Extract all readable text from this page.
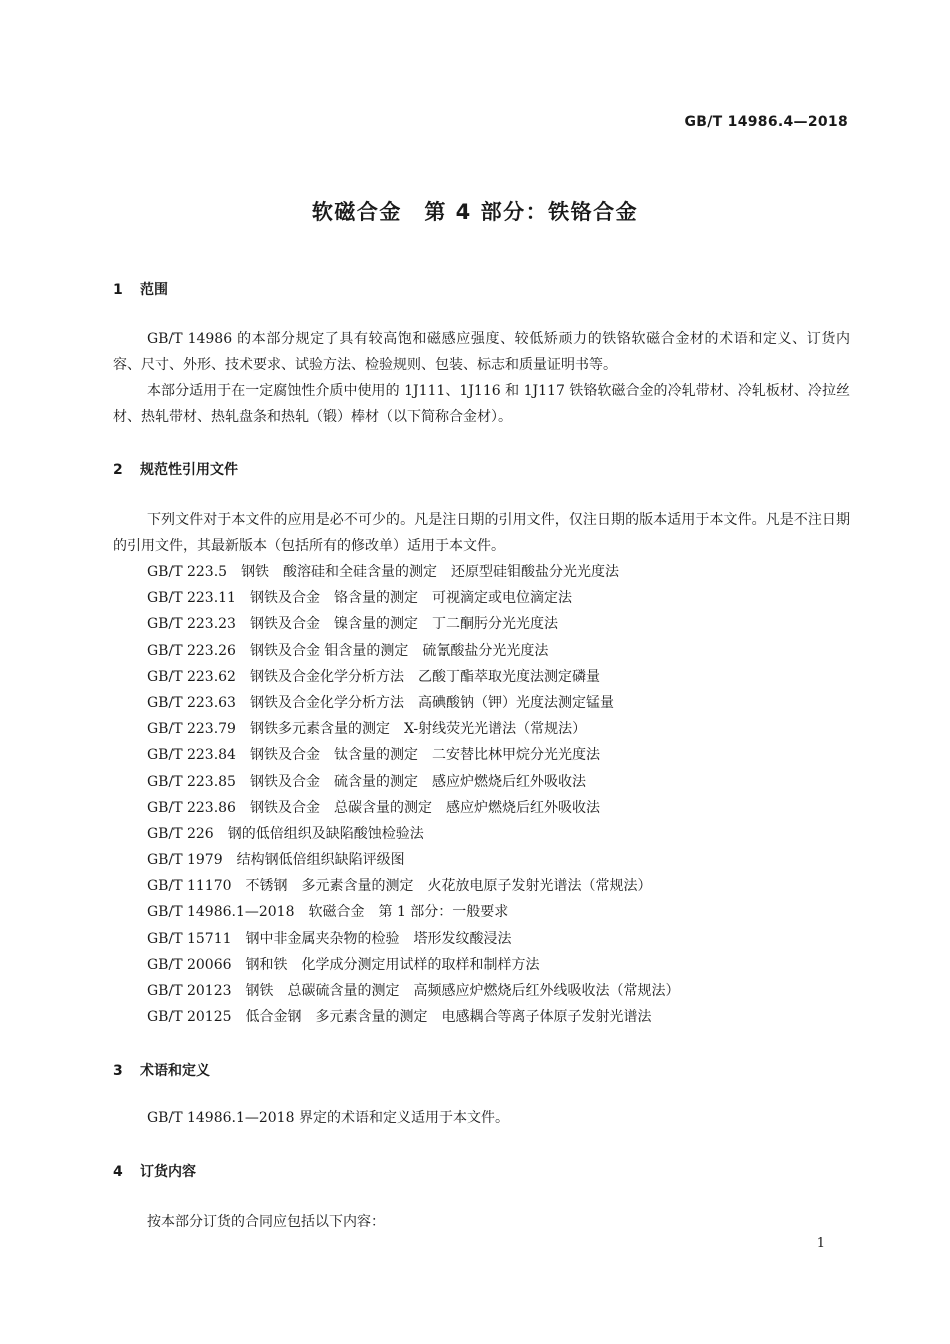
GB/T 14986.4—2018
软磁合金　第 4 部分：铁铬合金
1 范围
GB/T 14986 的本部分规定了具有较高饱和磁感应强度、较低矫顽力的铁铬软磁合金材的术语和定义、订货内容、尺寸、外形、技术要求、试验方法、检验规则、包装、标志和质量证明书等。
本部分适用于在一定腐蚀性介质中使用的 1J111、1J116 和 1J117 铁铬软磁合金的冷轧带材、冷轧板材、冷拉丝材、热轧带材、热轧盘条和热轧（锻）棒材（以下简称合金材）。
2 规范性引用文件
下列文件对于本文件的应用是必不可少的。凡是注日期的引用文件，仅注日期的版本适用于本文件。凡是不注日期的引用文件，其最新版本（包括所有的修改单）适用于本文件。
GB/T 223.5 钢铁　酸溶硅和全硅含量的测定　还原型硅钼酸盐分光光度法
GB/T 223.11 钢铁及合金　铬含量的测定　可视滴定或电位滴定法
GB/T 223.23 钢铁及合金　镍含量的测定　丁二酮肟分光光度法
GB/T 223.26 钢铁及合金 钼含量的测定　硫氰酸盐分光光度法
GB/T 223.62 钢铁及合金化学分析方法　乙酸丁酯萃取光度法测定磷量
GB/T 223.63 钢铁及合金化学分析方法　高碘酸钠（钾）光度法测定锰量
GB/T 223.79 钢铁多元素含量的测定　X-射线荧光光谱法（常规法）
GB/T 223.84 钢铁及合金　钛含量的测定　二安替比林甲烷分光光度法
GB/T 223.85 钢铁及合金　硫含量的测定　感应炉燃烧后红外吸收法
GB/T 223.86 钢铁及合金　总碳含量的测定　感应炉燃烧后红外吸收法
GB/T 226 钢的低倍组织及缺陷酸蚀检验法
GB/T 1979 结构钢低倍组织缺陷评级图
GB/T 11170 不锈钢　多元素含量的测定　火花放电原子发射光谱法（常规法）
GB/T 14986.1—2018 软磁合金　第 1 部分：一般要求
GB/T 15711 钢中非金属夹杂物的检验　塔形发纹酸浸法
GB/T 20066 钢和铁　化学成分测定用试样的取样和制样方法
GB/T 20123 钢铁　总碳硫含量的测定　高频感应炉燃烧后红外线吸收法（常规法）
GB/T 20125 低合金钢　多元素含量的测定　电感耦合等离子体原子发射光谱法
3 术语和定义
GB/T 14986.1—2018 界定的术语和定义适用于本文件。
4 订货内容
按本部分订货的合同应包括以下内容：
1
